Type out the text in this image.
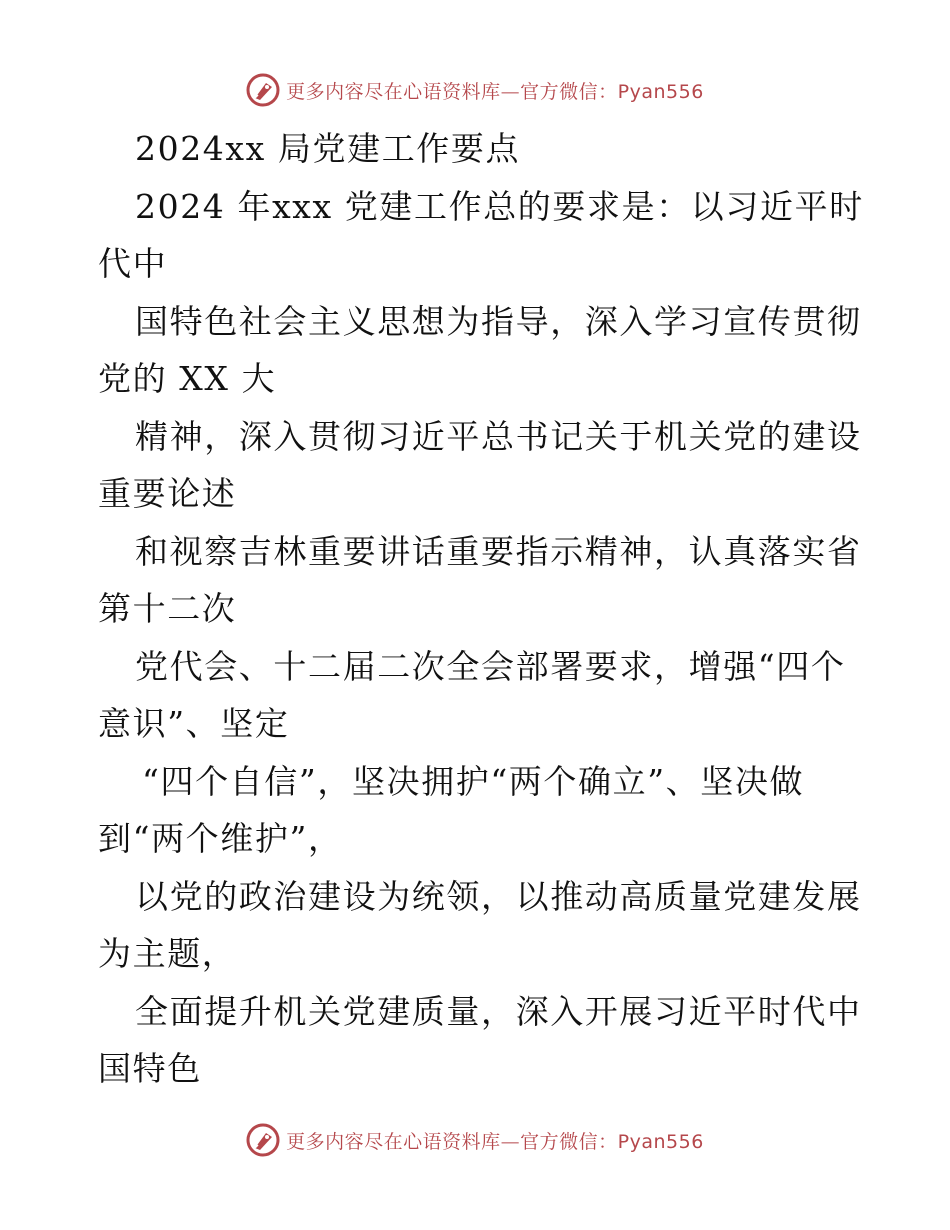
更多内容尽在心语资料库—官方微信：Pyan556
2024xx 局党建工作要点
2024 年xxx 党建工作总的要求是：以习近平时
代中
国特色社会主义思想为指导，深入学习宣传贯彻
党的 XX 大
精神，深入贯彻习近平总书记关于机关党的建设
重要论述
和视察吉林重要讲话重要指示精神，认真落实省
第十二次
党代会、十二届二次全会部署要求，增强“四个
意识”、坚定
“四个自信”，坚决拥护“两个确立”、坚决做
到“两个维护”，
以党的政治建设为统领，以推动高质量党建发展
为主题，
全面提升机关党建质量，深入开展习近平时代中
国特色
更多内容尽在心语资料库—官方微信：Pyan556
